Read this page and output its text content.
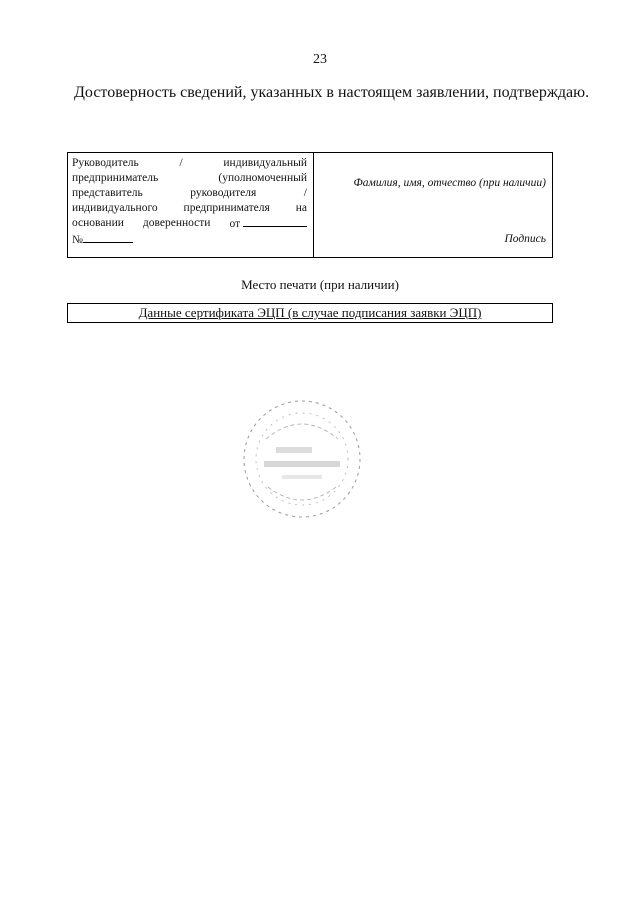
23
Достоверность сведений, указанных в настоящем заявлении, подтверждаю.
Руководитель	/	индивидуальный
предприниматель	(уполномоченный
представитель	руководителя	/
индивидуального предпринимателя на
основании доверенности от
№
Фамилия, имя, отчество (при наличии)
Подпись
Место печати (при наличии)
Данные сертификата ЭЦП (в случае подписания заявки ЭЦП)
